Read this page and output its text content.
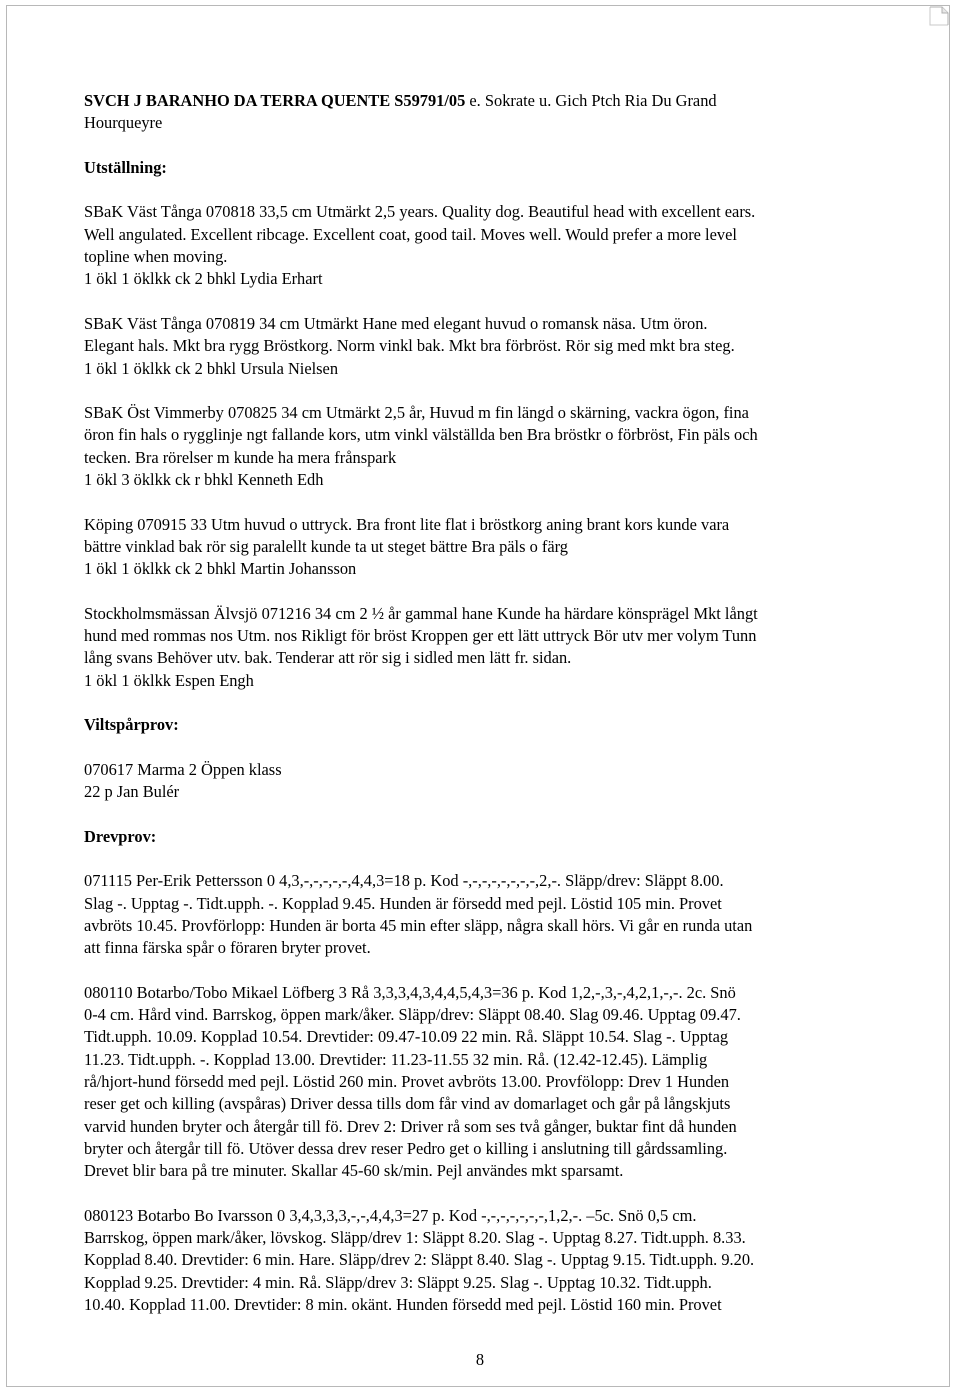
SVCH J BARANHO DA TERRA QUENTE S59791/05 e. Sokrate u. Gich Ptch Ria Du Grand

Hourqueyre

Utställning:

SBaK Väst Tånga 070818 33,5 cm Utmärkt 2,5 years. Quality dog. Beautiful head with excellent ears.

Well angulated. Excellent ribcage. Excellent coat, good tail. Moves well. Would prefer a more level

topline when moving.

1 ökl 1 öklkk ck 2 bhkl Lydia Erhart

SBaK Väst Tånga 070819 34 cm Utmärkt Hane med elegant huvud o romansk näsa. Utm öron.

Elegant hals. Mkt bra rygg Bröstkorg. Norm vinkl bak. Mkt bra förbröst. Rör sig med mkt bra steg.

1 ökl 1 öklkk ck 2 bhkl Ursula Nielsen

SBaK Öst Vimmerby 070825 34 cm Utmärkt 2,5 år, Huvud m fin längd o skärning, vackra ögon, fina

öron fin hals o rygglinje ngt fallande kors, utm vinkl välställda ben Bra bröstkr o förbröst, Fin päls och

tecken. Bra rörelser m kunde ha mera frånspark

1 ökl 3 öklkk ck r bhkl Kenneth Edh

Köping 070915 33 Utm huvud o uttryck. Bra front lite flat i bröstkorg aning brant kors kunde vara

bättre vinklad bak rör sig paralellt kunde ta ut steget bättre Bra päls o färg

1 ökl 1 öklkk ck 2 bhkl Martin Johansson

Stockholmsmässan Älvsjö 071216 34 cm 2 ½ år gammal hane Kunde ha härdare könsprägel Mkt långt

hund med rommas nos Utm. nos Rikligt för bröst Kroppen ger ett lätt uttryck Bör utv mer volym Tunn

lång svans Behöver utv. bak. Tenderar att rör sig i sidled men lätt fr. sidan.

1 ökl 1 öklkk Espen Engh

Viltspårprov:

070617 Marma 2 Öppen klass

22 p Jan Bulér

Drevprov:

071115 Per-Erik Pettersson 0 4,3,-,-,-,-,-,4,4,3=18 p. Kod -,-,-,-,-,-,-,-,2,-. Släpp/drev: Släppt 8.00.

Slag -. Upptag -. Tidt.upph. -. Kopplad 9.45. Hunden är försedd med pejl. Löstid 105 min. Provet

avbröts 10.45. Provförlopp: Hunden är borta 45 min efter släpp, några skall hörs. Vi går en runda utan

att finna färska spår o föraren bryter provet.

080110 Botarbo/Tobo Mikael Löfberg 3 Rå 3,3,3,4,3,4,4,5,4,3=36 p. Kod 1,2,-,3,-,4,2,1,-,-. 2c. Snö

0-4 cm. Hård vind. Barrskog, öppen mark/åker. Släpp/drev: Släppt 08.40. Slag 09.46. Upptag 09.47.

Tidt.upph. 10.09. Kopplad 10.54. Drevtider: 09.47-10.09 22 min. Rå. Släppt 10.54. Slag -. Upptag

11.23. Tidt.upph. -. Kopplad 13.00. Drevtider: 11.23-11.55 32 min. Rå. (12.42-12.45). Lämplig

rå/hjort-hund försedd med pejl. Löstid 260 min. Provet avbröts 13.00. Provfölopp: Drev 1 Hunden

reser get och killing (avspåras) Driver dessa tills dom får vind av domarlaget och går på långskjuts

varvid hunden bryter och återgår till fö. Drev 2: Driver rå som ses två gånger, buktar fint då hunden

bryter och återgår till fö. Utöver dessa drev reser Pedro get o killing i anslutning till gårdssamling.

Drevet blir bara på tre minuter. Skallar 45-60 sk/min. Pejl användes mkt sparsamt.

080123 Botarbo Bo Ivarsson 0 3,4,3,3,3,-,-,4,4,3=27 p. Kod -,-,-,-,-,-,-,1,2,-. –5c. Snö 0,5 cm.

Barrskog, öppen mark/åker, lövskog. Släpp/drev 1: Släppt 8.20. Slag -. Upptag 8.27. Tidt.upph. 8.33.

Kopplad 8.40. Drevtider: 6 min. Hare. Släpp/drev 2: Släppt 8.40. Slag -. Upptag 9.15. Tidt.upph. 9.20.

Kopplad 9.25. Drevtider: 4 min. Rå. Släpp/drev 3: Släppt 9.25. Slag -. Upptag 10.32. Tidt.upph.

10.40. Kopplad 11.00. Drevtider: 8 min. okänt. Hunden försedd med pejl. Löstid 160 min. Provet

8
